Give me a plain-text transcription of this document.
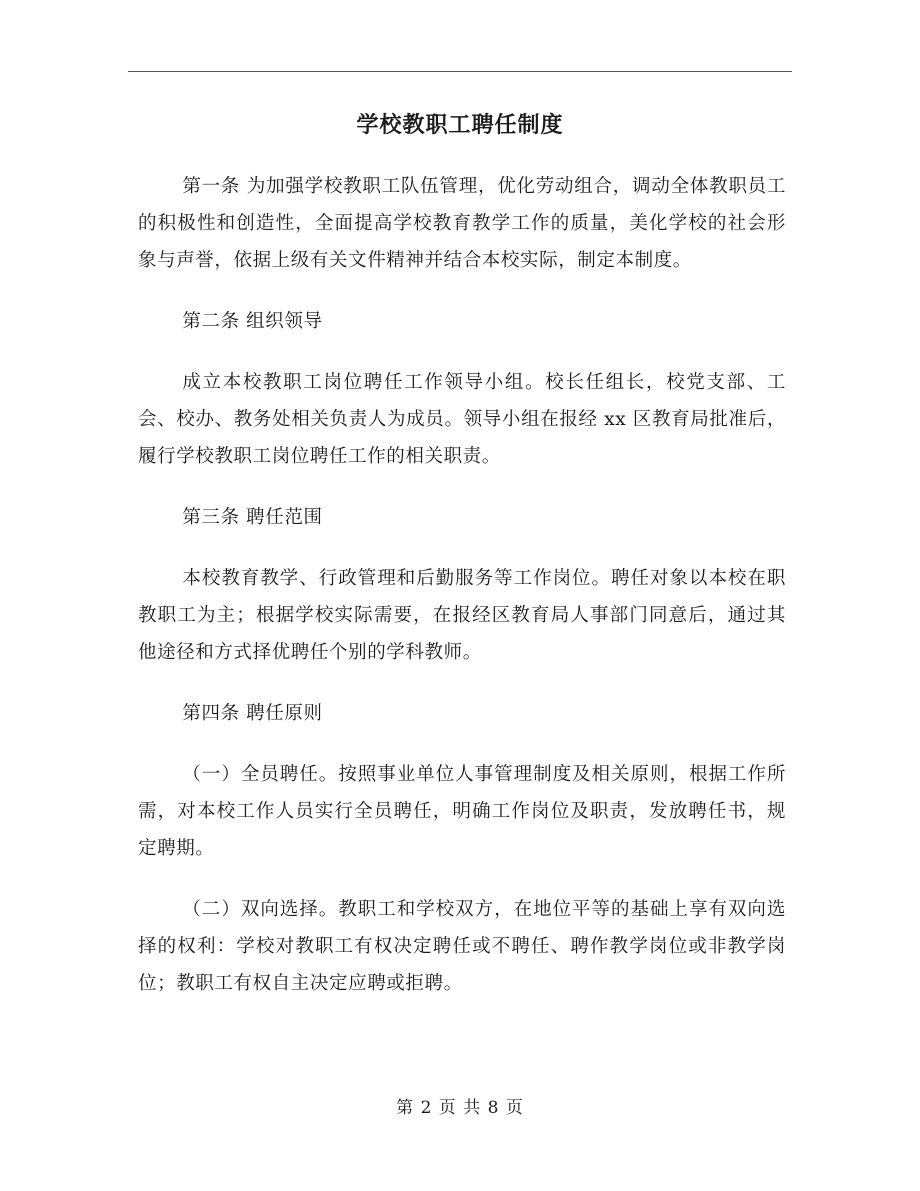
学校教职工聘任制度

第一条 为加强学校教职工队伍管理，优化劳动组合，调动全体教职员工的积极性和创造性，全面提高学校教育教学工作的质量，美化学校的社会形象与声誉，依据上级有关文件精神并结合本校实际，制定本制度。

第二条 组织领导

成立本校教职工岗位聘任工作领导小组。校长任组长，校党支部、工会、校办、教务处相关负责人为成员。领导小组在报经 xx 区教育局批准后，履行学校教职工岗位聘任工作的相关职责。

第三条 聘任范围

本校教育教学、行政管理和后勤服务等工作岗位。聘任对象以本校在职教职工为主；根据学校实际需要，在报经区教育局人事部门同意后，通过其他途径和方式择优聘任个别的学科教师。

第四条 聘任原则

（一）全员聘任。按照事业单位人事管理制度及相关原则，根据工作所需，对本校工作人员实行全员聘任，明确工作岗位及职责，发放聘任书，规定聘期。

（二）双向选择。教职工和学校双方，在地位平等的基础上享有双向选择的权利：学校对教职工有权决定聘任或不聘任、聘作教学岗位或非教学岗位；教职工有权自主决定应聘或拒聘。

第 2 页 共 8 页
